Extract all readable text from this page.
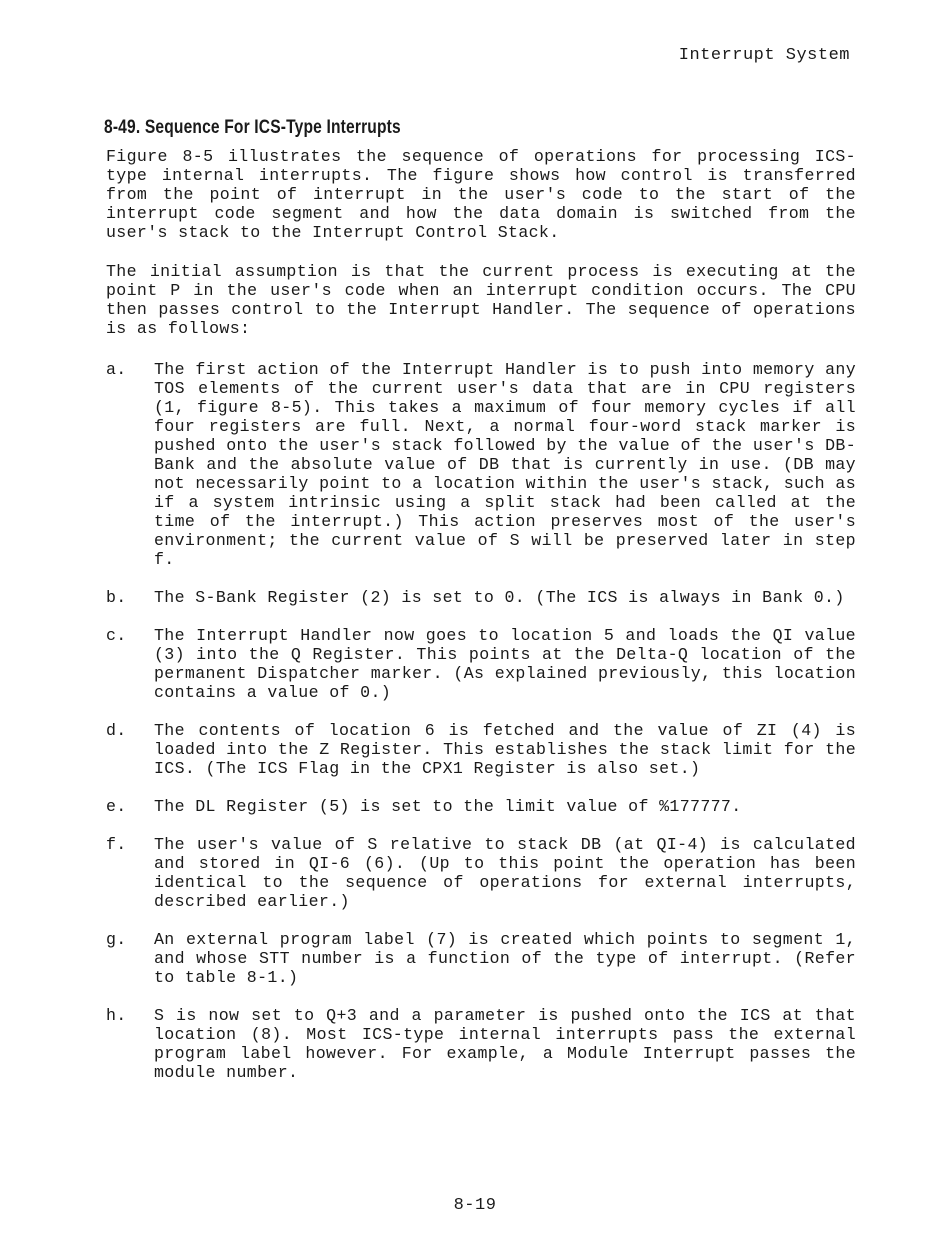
Interrupt System
8-49. Sequence For ICS-Type Interrupts
Figure 8-5 illustrates the sequence of operations for processing ICS-type internal interrupts. The figure shows how control is transferred from the point of interrupt in the user's code to the start of the interrupt code segment and how the data domain is switched from the user's stack to the Interrupt Control Stack.
The initial assumption is that the current process is executing at the point P in the user's code when an interrupt condition occurs. The CPU then passes control to the Interrupt Handler. The sequence of operations is as follows:
a.	The first action of the Interrupt Handler is to push into memory any TOS elements of the current user's data that are in CPU registers (1, figure 8-5). This takes a maximum of four memory cycles if all four registers are full. Next, a normal four-word stack marker is pushed onto the user's stack followed by the value of the user's DB-Bank and the absolute value of DB that is currently in use. (DB may not necessarily point to a location within the user's stack, such as if a system intrinsic using a split stack had been called at the time of the interrupt.) This action preserves most of the user's environment; the current value of S will be preserved later in step f.
b.	The S-Bank Register (2) is set to 0. (The ICS is always in Bank 0.)
c.	The Interrupt Handler now goes to location 5 and loads the QI value (3) into the Q Register. This points at the Delta-Q location of the permanent Dispatcher marker. (As explained previously, this location contains a value of 0.)
d.	The contents of location 6 is fetched and the value of ZI (4) is loaded into the Z Register. This establishes the stack limit for the ICS. (The ICS Flag in the CPX1 Register is also set.)
e.	The DL Register (5) is set to the limit value of %177777.
f.	The user's value of S relative to stack DB (at QI-4) is calculated and stored in QI-6 (6). (Up to this point the operation has been identical to the sequence of operations for external interrupts, described earlier.)
g.	An external program label (7) is created which points to segment 1, and whose STT number is a function of the type of interrupt. (Refer to table 8-1.)
h.	S is now set to Q+3 and a parameter is pushed onto the ICS at that location (8). Most ICS-type internal interrupts pass the external program label however. For example, a Module Interrupt passes the module number.
8-19
